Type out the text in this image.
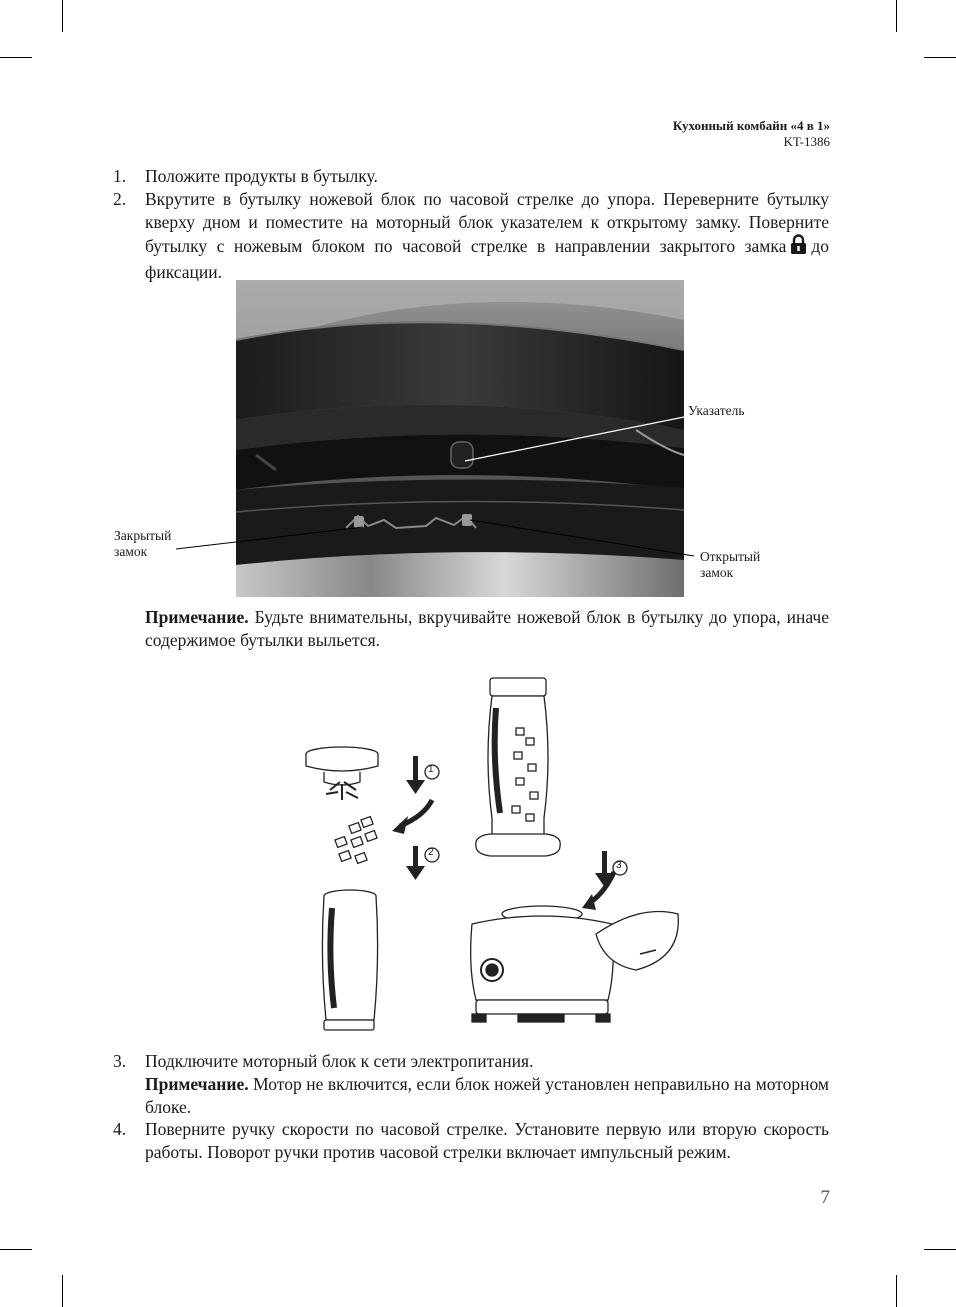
Кухонный комбайн «4 в 1»
KT-1386
1.	Положите продукты в бутылку.
2.	Вкрутите в бутылку ножевой блок по часовой стрелке до упора. Переверните бутылку кверху дном и поместите на моторный блок указателем к открытому замку. Поверните бутылку с ножевым блоком по часовой стрелке в направлении закрытого замка до фиксации.
Указатель
Закрытый
замок	Открытый
замок
Примечание. Будьте внимательны, вкручивайте ножевой блок в бутылку до упора, иначе содержимое бутылки выльется.
1
2
3
3.	Подключите моторный блок к сети электропитания.
Примечание. Мотор не включится, если блок ножей установлен неправильно на моторном блоке.
4.	Поверните ручку скорости по часовой стрелке. Установите первую или вторую скорость работы. Поворот ручки против часовой стрелки включает импульсный режим.
7
